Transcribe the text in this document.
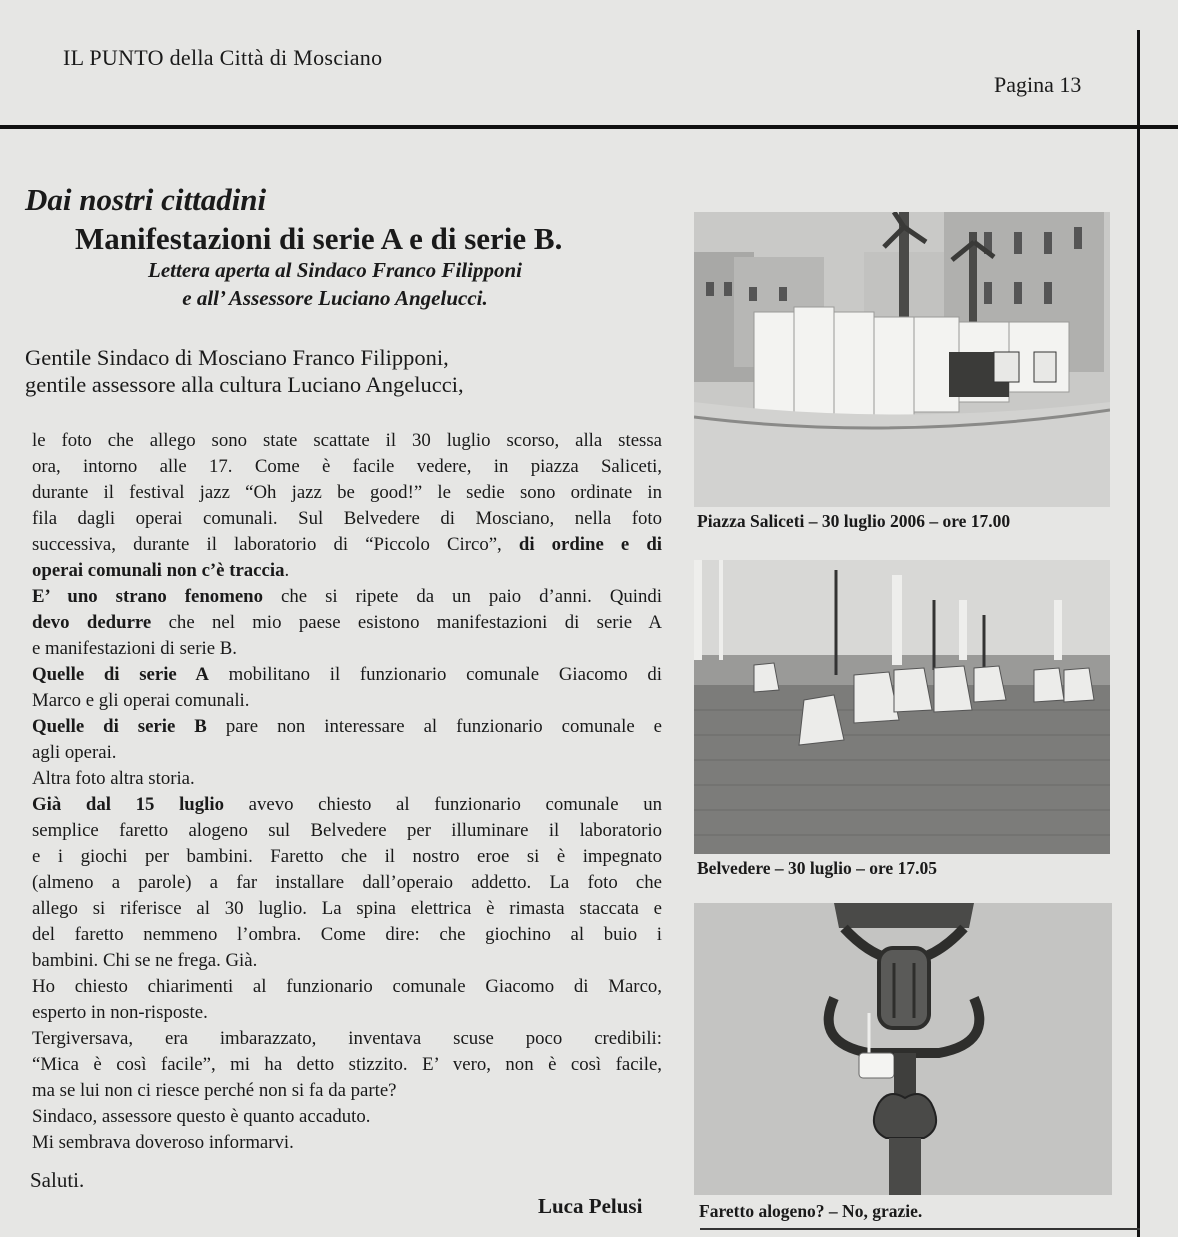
IL PUNTO della Città di Mosciano
Pagina 13
Dai nostri cittadini
Manifestazioni di serie A e di serie B.
Lettera aperta al Sindaco Franco Filipponi
e all’ Assessore Luciano Angelucci.
Gentile Sindaco di Mosciano Franco Filipponi,
gentile assessore alla cultura Luciano Angelucci,
le foto che allego sono state scattate il 30 luglio scorso, alla stessa
ora, intorno alle 17. Come è facile vedere, in piazza Saliceti,
durante il festival jazz “Oh jazz be good!” le sedie sono ordinate in
fila dagli operai comunali. Sul Belvedere di Mosciano, nella foto
successiva, durante il laboratorio di “Piccolo Circo”, di ordine e di
operai comunali non c’è traccia.
E’ uno strano fenomeno che si ripete da un paio d’anni. Quindi
devo dedurre che nel mio paese esistono manifestazioni di serie A
e manifestazioni di serie B.
Quelle di serie A mobilitano il funzionario comunale Giacomo di
Marco e gli operai comunali.
Quelle di serie B pare non interessare al funzionario comunale e
agli operai.
Altra foto altra storia.
Già dal 15 luglio avevo chiesto al funzionario comunale un
semplice faretto alogeno sul Belvedere per illuminare il laboratorio
e i giochi per bambini. Faretto che il nostro eroe si è impegnato
(almeno a parole) a far installare dall’operaio addetto. La foto che
allego si riferisce al 30 luglio. La spina elettrica è rimasta staccata e
del faretto nemmeno l’ombra. Come dire: che giochino al buio i
bambini. Chi se ne frega. Già.
Ho chiesto chiarimenti al funzionario comunale Giacomo di Marco,
esperto in non-risposte.
Tergiversava, era imbarazzato, inventava scuse poco credibili:
“Mica è così facile”, mi ha detto stizzito. E’ vero, non è così facile,
ma se lui non ci riesce perché non si fa da parte?
Sindaco, assessore questo è quanto accaduto.
Mi sembrava doveroso informarvi.
Saluti.
Luca Pelusi
Piazza Saliceti – 30 luglio 2006 – ore 17.00
Belvedere – 30 luglio – ore 17.05
Faretto alogeno? – No, grazie.
